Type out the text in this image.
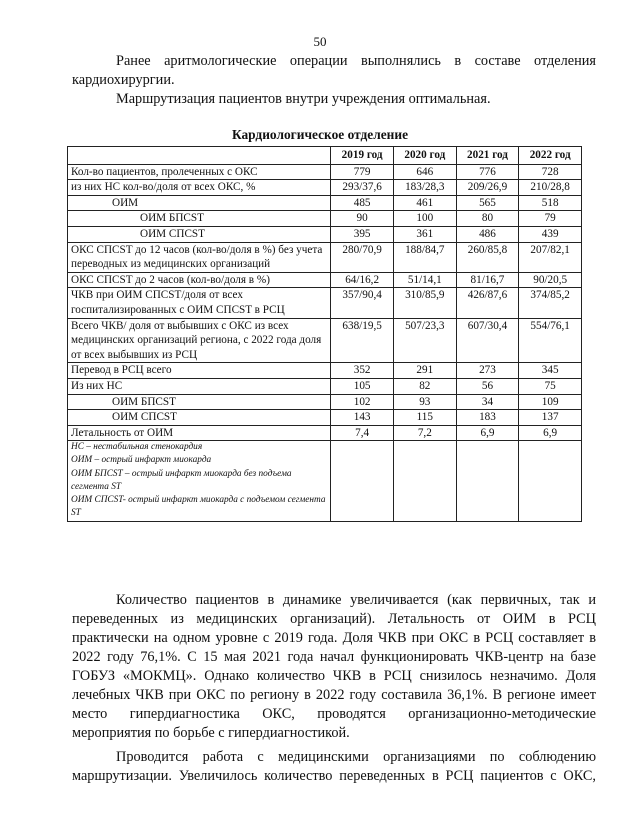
50
Ранее аритмологические операции выполнялись в составе отделения кардиохирургии.
Маршрутизация пациентов внутри учреждения оптимальная.
Кардиологическое отделение
	2019 год	2020 год	2021 год	2022 год
Кол-во пациентов, пролеченных с ОКС	779	646	776	728
из них НС кол-во/доля от всех ОКС, %	293/37,6	183/28,3	209/26,9	210/28,8
ОИМ	485	461	565	518
ОИМ БПСST	90	100	80	79
ОИМ СПСST	395	361	486	439
ОКС СПСST до 12 часов (кол-во/доля в %) без учета переводных из медицинских организаций	280/70,9	188/84,7	260/85,8	207/82,1
ОКС СПСST до 2 часов (кол-во/доля в %)	64/16,2	51/14,1	81/16,7	90/20,5
ЧКВ при ОИМ СПСST/доля от всех госпитализированных с ОИМ СПСST в РСЦ	357/90,4	310/85,9	426/87,6	374/85,2
Всего ЧКВ/ доля от выбывших с ОКС из всех медицинских организаций региона, с 2022 года доля от всех выбывших из РСЦ	638/19,5	507/23,3	607/30,4	554/76,1
Перевод в РСЦ всего	352	291	273	345
Из них НС	105	82	56	75
ОИМ БПСST	102	93	34	109
ОИМ СПСST	143	115	183	137
Летальность от ОИМ	7,4	7,2	6,9	6,9

НС – нестабильная стенокардия
ОИМ – острый инфаркт миокарда
ОИМ БПСST – острый инфаркт миокарда без подъема сегмента ST
ОИМ СПСST- острый инфаркт миокарда с подъемом сегмента ST				

Количество пациентов в динамике увеличивается (как первичных, так и переведенных из медицинских организаций). Летальность от ОИМ в РСЦ практически на одном уровне с 2019 года. Доля ЧКВ при ОКС в РСЦ составляет в 2022 году 76,1%. С 15 мая 2021 года начал функционировать ЧКВ-центр на базе ГОБУЗ «МОКМЦ». Однако количество ЧКВ в РСЦ снизилось незначимо. Доля лечебных ЧКВ при ОКС по региону в 2022 году составила 36,1%. В регионе имеет место гипердиагностика ОКС, проводятся организационно-методические мероприятия по борьбе с гипердиагностикой.
Проводится работа с медицинскими организациями по соблюдению маршрутизации. Увеличилось количество переведенных в РСЦ пациентов с ОКС,
